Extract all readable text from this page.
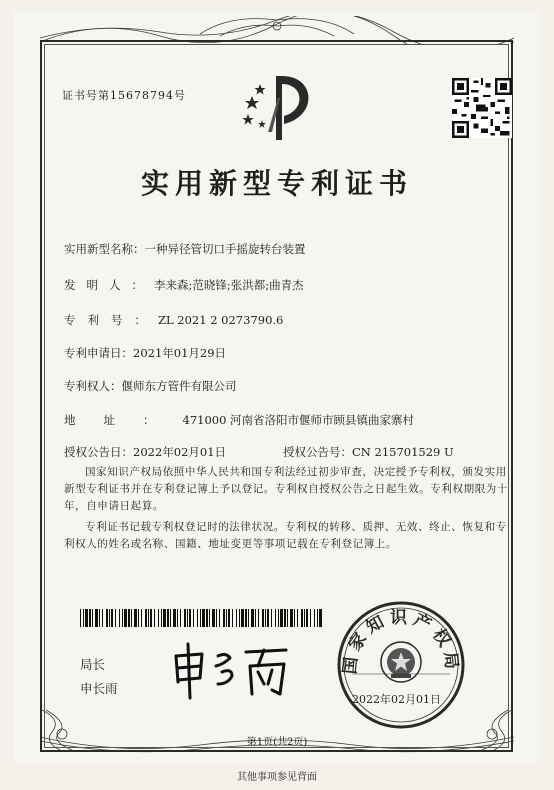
证书号第15678794号
实用新型专利证书
实用新型名称：一种异径管切口手摇旋转台装置
发明人：李来森;范晓锋;张洪都;曲青杰
专利号：ZL 2021 2 0273790.6
专利申请日：2021年01月29日
专利权人：偃师东方管件有限公司
地址：471000 河南省洛阳市偃师市顾县镇曲家寨村
授权公告日：2022年02月01日	授权公告号：CN 215701529 U
国家知识产权局依照中华人民共和国专利法经过初步审查，决定授予专利权，颁发实用新型专利证书并在专利登记簿上予以登记。专利权自授权公告之日起生效。专利权期限为十年，自申请日起算。
专利证书记载专利权登记时的法律状况。专利权的转移、质押、无效、终止、恢复和专利权人的姓名或名称、国籍、地址变更等事项记载在专利登记簿上。
局长
申长雨
国家知识产权局
2022年02月01日
第1页(共2页)
其他事项参见背面
